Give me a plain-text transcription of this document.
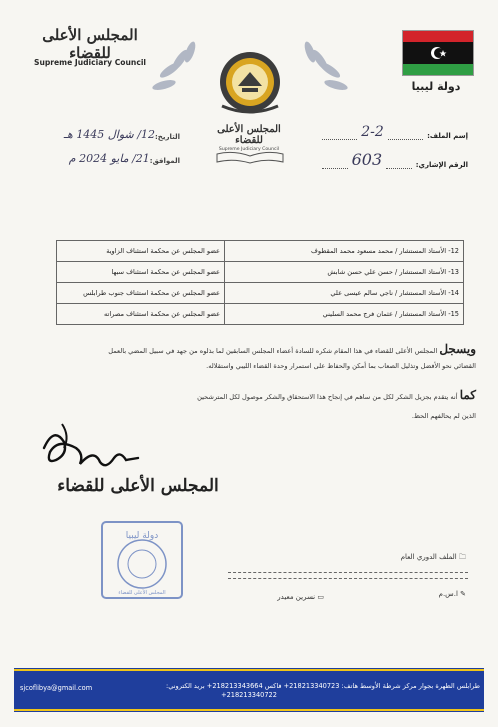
المجلس الأعلى للقضاء
Supreme Judiciary Council
المجلس الأعلى للقضاء
Supreme Judiciary Council
دولة ليبيا
التاريخ:
12/ شوال 1445 هـ
الموافق:
21/ مايو 2024 م
إسم الملف:
2-2
الرقم الإشاري:
603
عضو المجلس عن محكمة استئناف الزاوية	12- الأستاذ المستشار / محمد مسعود محمد المقطوف
عضو المجلس عن محكمة استئناف سبها	13- الأستاذ المستشار / حسن علي حسن شابش
عضو المجلس عن محكمة استئناف جنوب طرابلس	14- الأستاذ المستشار / ناجي سالم عيسى علي
عضو المجلس عن محكمة استئناف مصراته	15- الأستاذ المستشار / عثمان فرج محمد السليني
ويسجل المجلس الأعلى للقضاء في هذا المقام شكره للسادة أعضاء المجلس السابقين لما بذلوه من جهد في سبيل المضي بالعمل
القضائي نحو الأفضل وتذليل الصعاب بما أمكن والحفاظ على استمرار وحدة القضاء الليبي واستقلاله.
كما أنه يتقدم بجزيل الشكر لكل من ساهم في إنجاح هذا الاستحقاق والشكر موصول لكل المترشحين
الذين لم يحالفهم الحظ.
المجلس الأعلى للقضاء
دولة ليبيا
المجلس الأعلى للقضاء
🗀 الملف الدوري العام
✎ ا.س.م
▭ نسرين معيدر
طرابلس الظهرة بجوار مركز شرطة الأوسط هاتف: 218213340723+ فاكس 218213343664+ بريد الكتروني:
218213340722+
sjcoflibya@gmail.com
